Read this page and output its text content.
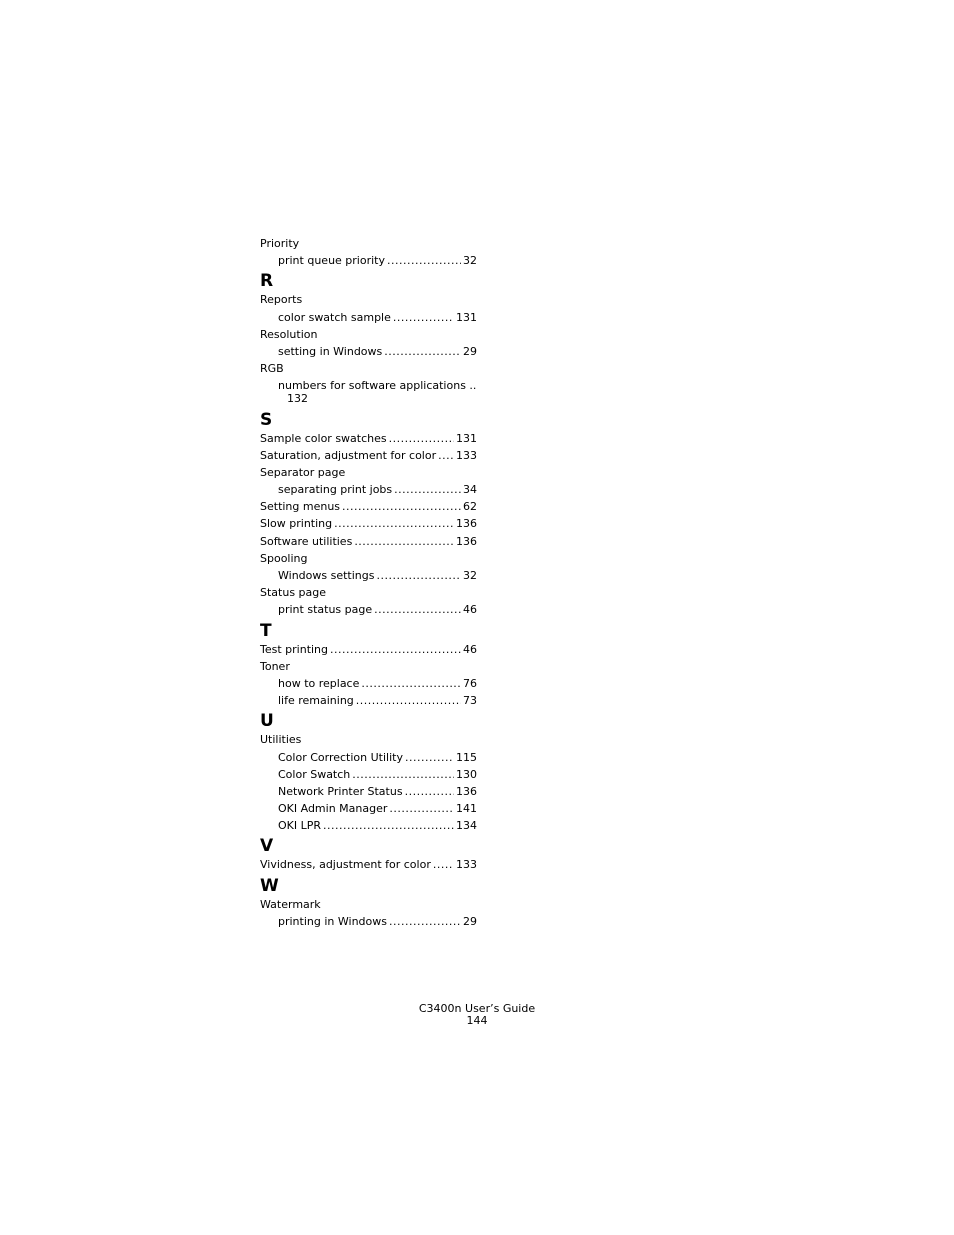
Priority
print queue priority .....	32
R
Reports
color swatch sample .....	131
Resolution
setting in Windows .....	29
RGB
numbers for software applications ..
132
S
Sample color swatches .....	131
Saturation, adjustment for color ..... 133
Separator page
separating print jobs .....	34
Setting menus .....	62
Slow printing .....	136
Software utilities .....	136
Spooling
Windows settings .....	32
Status page
print status page .....	46
T
Test printing .....	46
Toner
how to replace .....	76
life remaining .....	73
U
Utilities
Color Correction Utility .....	115
Color Swatch .....	130
Network Printer Status .....	136
OKI Admin Manager .....	141
OKI LPR .....	134
V
Vividness, adjustment for color ..... 133
W
Watermark
printing in Windows .....	29
C3400n User’s Guide
144
